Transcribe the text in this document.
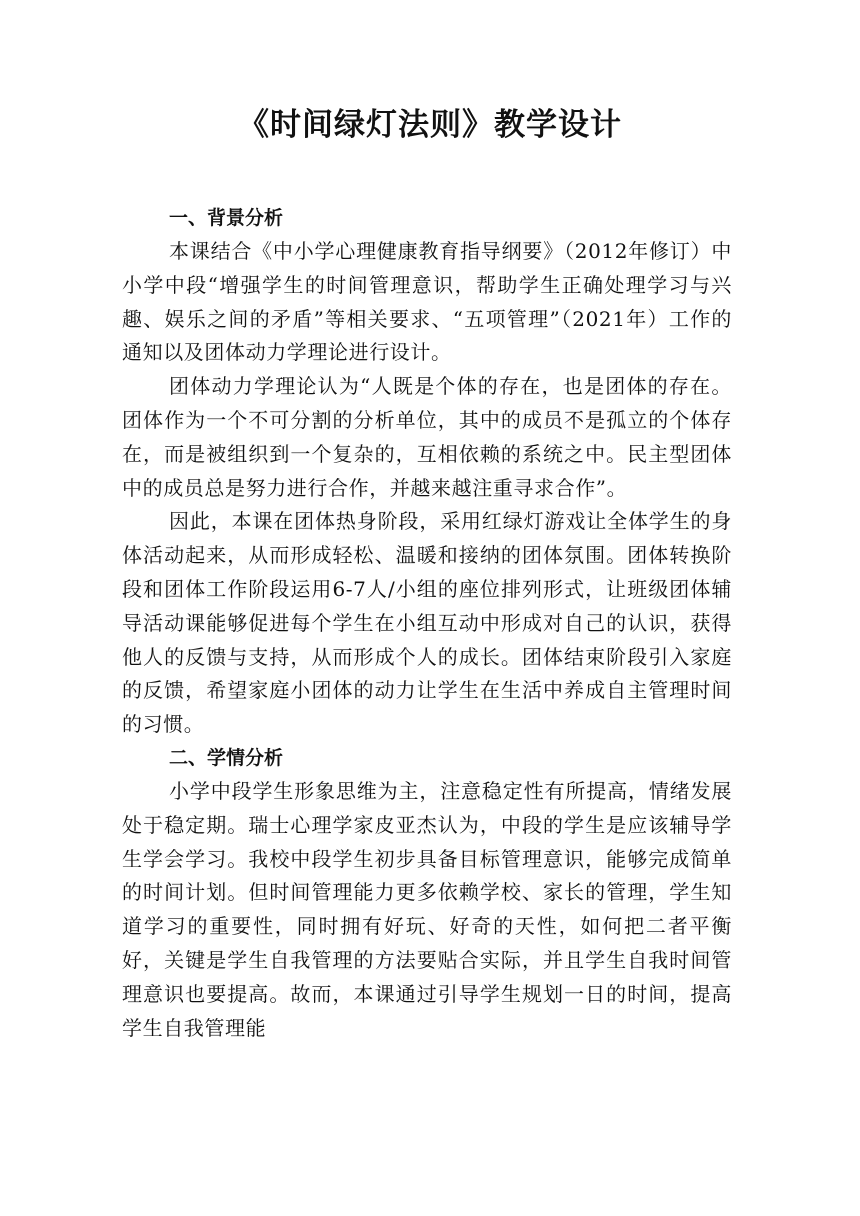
《时间绿灯法则》教学设计
一、背景分析

本课结合《中小学心理健康教育指导纲要》（2012年修订）中小学中段“增强学生的时间管理意识，帮助学生正确处理学习与兴趣、娱乐之间的矛盾”等相关要求、“五项管理”（2021年）工作的通知以及团体动力学理论进行设计。

团体动力学理论认为“人既是个体的存在，也是团体的存在。团体作为一个不可分割的分析单位，其中的成员不是孤立的个体存在，而是被组织到一个复杂的，互相依赖的系统之中。民主型团体中的成员总是努力进行合作，并越来越注重寻求合作”。

因此，本课在团体热身阶段，采用红绿灯游戏让全体学生的身体活动起来，从而形成轻松、温暖和接纳的团体氛围。团体转换阶段和团体工作阶段运用6-7人/小组的座位排列形式，让班级团体辅导活动课能够促进每个学生在小组互动中形成对自己的认识，获得他人的反馈与支持，从而形成个人的成长。团体结束阶段引入家庭的反馈，希望家庭小团体的动力让学生在生活中养成自主管理时间的习惯。

二、学情分析

小学中段学生形象思维为主，注意稳定性有所提高，情绪发展处于稳定期。瑞士心理学家皮亚杰认为，中段的学生是应该辅导学生学会学习。我校中段学生初步具备目标管理意识，能够完成简单的时间计划。但时间管理能力更多依赖学校、家长的管理，学生知道学习的重要性，同时拥有好玩、好奇的天性，如何把二者平衡好，关键是学生自我管理的方法要贴合实际，并且学生自我时间管理意识也要提高。故而，本课通过引导学生规划一日的时间，提高学生自我管理能
